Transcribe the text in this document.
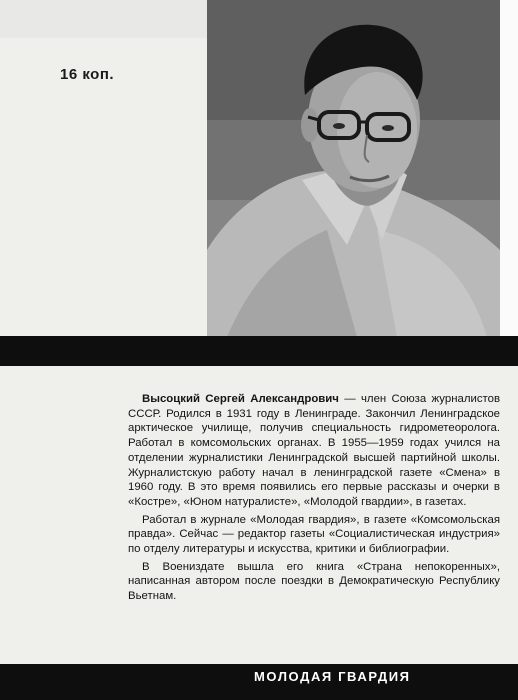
16 коп.

Высоцкий Сергей Александрович — член Союза журналистов СССР. Родился в 1931 году в Ленинграде. Закончил Ленинградское арктическое училище, получив специальность гидрометеоролога. Работал в комсомольских органах. В 1955—1959 годах учился на отделении журналистики Ленинградской высшей партийной школы. Журналистскую работу начал в ленинградской газете «Смена» в 1960 году. В это время появились его первые рассказы и очерки в «Костре», «Юном натуралисте», «Молодой гвардии», в газетах.

Работал в журнале «Молодая гвардия», в газете «Комсомольская правда». Сейчас — редактор газеты «Социалистическая индустрия» по отделу литературы и искусства, критики и библиографии.

В Воениздате вышла его книга «Страна непокоренных», написанная автором после поездки в Демократическую Республику Вьетнам.

МОЛОДАЯ ГВАРДИЯ
